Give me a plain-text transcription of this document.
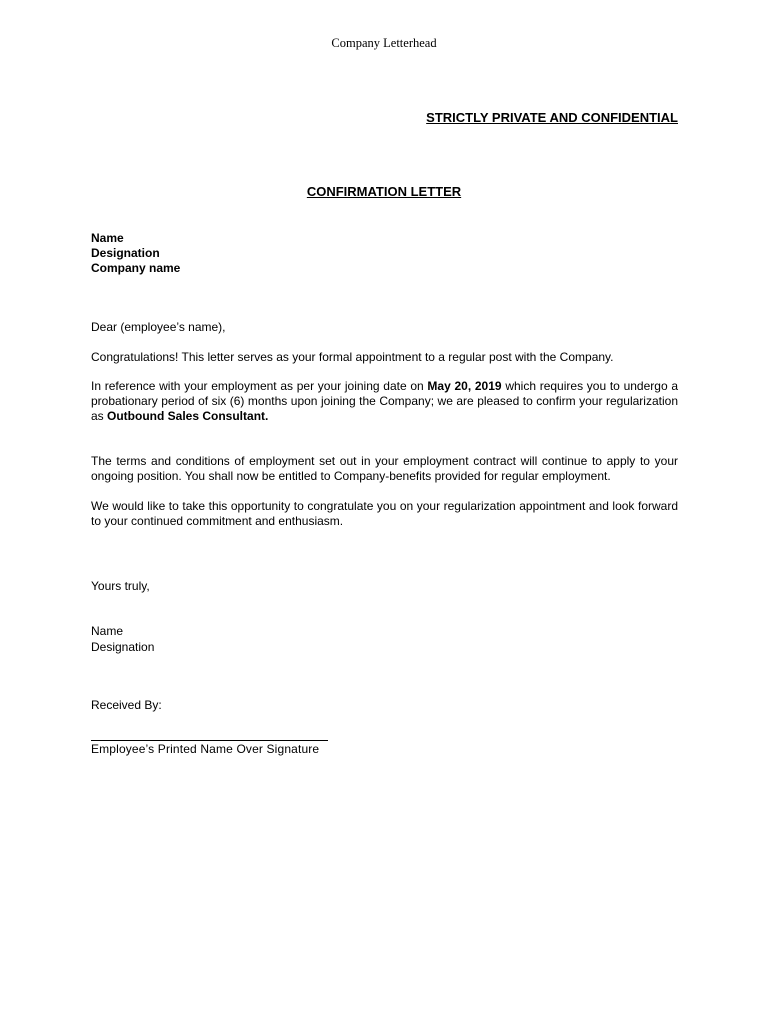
Company Letterhead
STRICTLY PRIVATE AND CONFIDENTIAL
CONFIRMATION LETTER
Name
Designation
Company name
Dear (employee’s name),
Congratulations! This letter serves as your formal appointment to a regular post with the Company.
In reference with your employment as per your joining date on May 20, 2019 which requires you to undergo a probationary period of six (6) months upon joining the Company; we are pleased to confirm your regularization as Outbound Sales Consultant.
The terms and conditions of employment set out in your employment contract will continue to apply to your ongoing position. You shall now be entitled to Company-benefits provided for regular employment.
We would like to take this opportunity to congratulate you on your regularization appointment and look forward to your continued commitment and enthusiasm.
Yours truly,
Name
Designation
Received By:
Employee’s Printed Name Over Signature
